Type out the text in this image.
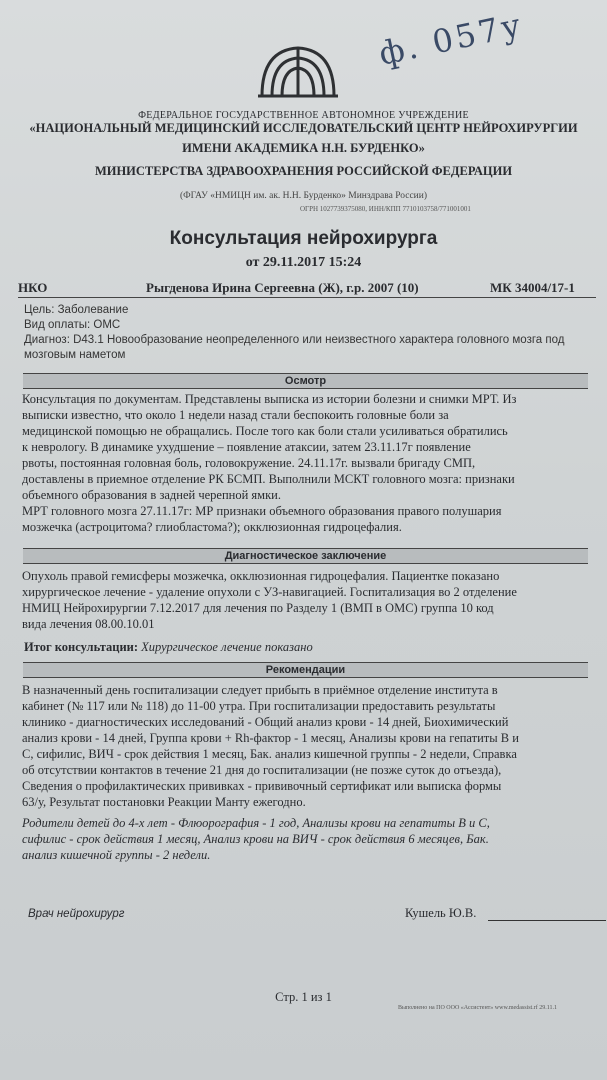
ф. 057у
ФЕДЕРАЛЬНОЕ ГОСУДАРСТВЕННОЕ АВТОНОМНОЕ УЧРЕЖДЕНИЕ
«НАЦИОНАЛЬНЫЙ МЕДИЦИНСКИЙ ИССЛЕДОВАТЕЛЬСКИЙ ЦЕНТР НЕЙРОХИРУРГИИ
ИМЕНИ АКАДЕМИКА Н.Н. БУРДЕНКО»
МИНИСТЕРСТВА ЗДРАВООХРАНЕНИЯ РОССИЙСКОЙ ФЕДЕРАЦИИ
(ФГАУ «НМИЦН им. ак. Н.Н. Бурденко» Минздрава России)
ОГРН 1027739375080, ИНН/КПП 7710103758/771001001
Консультация нейрохирурга
от 29.11.2017 15:24
НКО	Рыгденова Ирина Сергеевна (Ж), г.р. 2007 (10)	МК 34004/17-1
Цель: Заболевание
Вид оплаты: ОМС
Диагноз: D43.1 Новообразование неопределенного или неизвестного характера головного мозга под
мозговым наметом
Осмотр

Консультация по документам. Представлены выписка из истории болезни и снимки МРТ. Из

выписки известно, что около 1 недели назад стали беспокоить головные боли за

медицинской помощью не обращались. После того как боли стали усиливаться обратились

к неврологу. В динамике ухудшение – появление атаксии, затем 23.11.17г появление

рвоты, постоянная головная боль, головокружение. 24.11.17г. вызвали бригаду СМП,

доставлены в приемное отделение РК БСМП. Выполнили МСКТ головного мозга: признаки

объемного образования в задней черепной ямки.

МРТ головного мозга 27.11.17г: МР признаки объемного образования правого полушария

мозжечка (астроцитома? глиобластома?); окклюзионная гидроцефалия.

Диагностическое заключение

Опухоль правой гемисферы мозжечка, окклюзионная гидроцефалия. Пациентке показано

хирургическое лечение - удаление опухоли с УЗ-навигацией. Госпитализация во 2 отделение

НМИЦ Нейрохирургии 7.12.2017 для лечения по Разделу 1 (ВМП в ОМС) группа 10 код

вида лечения 08.00.10.01

Итог консультации: Хирургическое лечение показано
Рекомендации

В назначенный день госпитализации следует прибыть в приёмное отделение института в

кабинет (№ 117 или № 118) до 11-00 утра. При госпитализации предоставить результаты

клинико - диагностических исследований - Общий анализ крови - 14 дней, Биохимический

анализ крови - 14 дней, Группа крови + Rh-фактор - 1 месяц, Анализы крови на гепатиты В и

С, сифилис, ВИЧ - срок действия 1 месяц, Бак. анализ кишечной группы - 2 недели, Справка

об отсутствии контактов в течение 21 дня до госпитализации (не позже суток до отъезда),

Сведения о профилактических прививках - прививочный сертификат или выписка формы

63/у, Результат постановки Реакции Манту ежегодно.

Родители детей до 4-х лет - Флюорография - 1 год, Анализы крови на гепатиты В и С,

сифилис - срок действия 1 месяц, Анализ крови на ВИЧ - срок действия 6 месяцев, Бак.

анализ кишечной группы - 2 недели.

Врач нейрохирург	Кушель Ю.В.
Стр. 1 из 1
Выполнено на ПО ООО «Ассистент» www.medassist.rf 29.11.1
